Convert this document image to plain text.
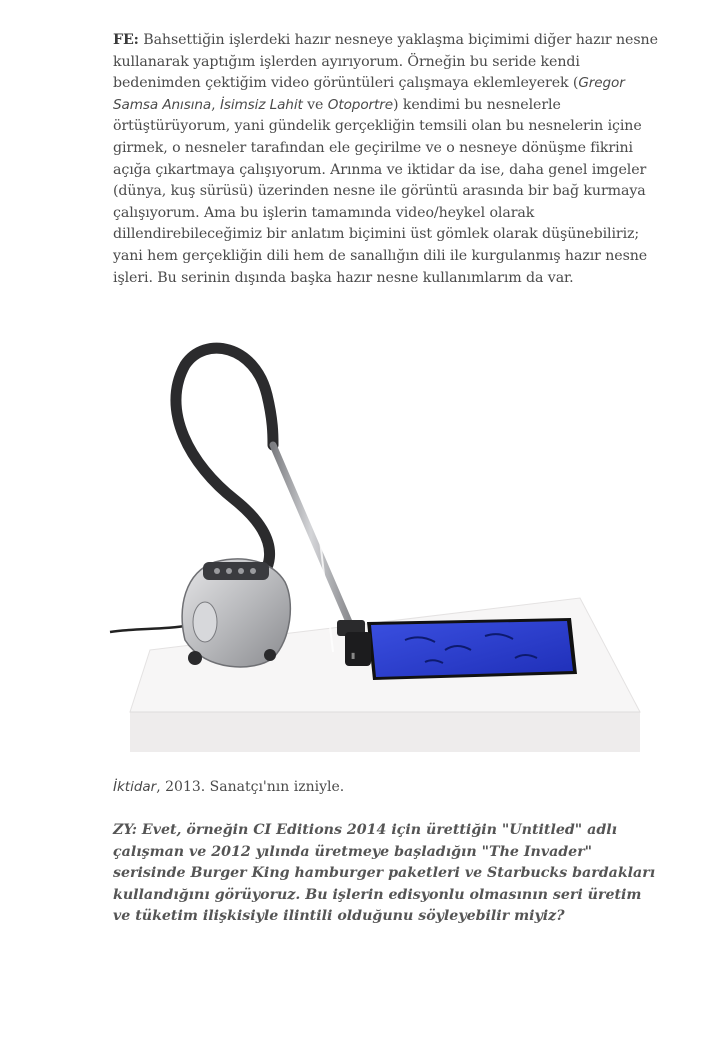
FE: Bahsettiğin işlerdeki hazır nesneye yaklaşma biçimimi diğer hazır nesne kullanarak yaptığım işlerden ayırıyorum. Örneğin bu seride kendi bedenimden çektiğim video görüntüleri çalışmaya eklemleyerek (Gregor Samsa Anısına, İsimsiz Lahit ve Otoportre) kendimi bu nesnelerle örtüştürüyorum, yani gündelik gerçekliğin temsili olan bu nesnelerin içine girmek, o nesneler tarafından ele geçirilme ve o nesneye dönüşme fikrini açığa çıkartmaya çalışıyorum. Arınma ve iktidar da ise, daha genel imgeler (dünya, kuş sürüsü) üzerinden nesne ile görüntü arasında bir bağ kurmaya çalışıyorum. Ama bu işlerin tamamında video/heykel olarak dillendirebileceğimiz bir anlatım biçimini üst gömlek olarak düşünebiliriz; yani hem gerçekliğin dili hem de sanallığın dili ile kurgulanmış hazır nesne işleri. Bu serinin dışında başka hazır nesne kullanımlarım da var.

▮

İktidar, 2013. Sanatçı'nın izniyle.

ZY: Evet, örneğin CI Editions 2014 için ürettiğin "Untitled" adlı çalışman ve 2012 yılında üretmeye başladığın "The Invader" serisinde Burger King hamburger paketleri ve Starbucks bardakları kullandığını görüyoruz. Bu işlerin edisyonlu olmasının seri üretim ve tüketim ilişkisiyle ilintili olduğunu söyleyebilir miyiz?
